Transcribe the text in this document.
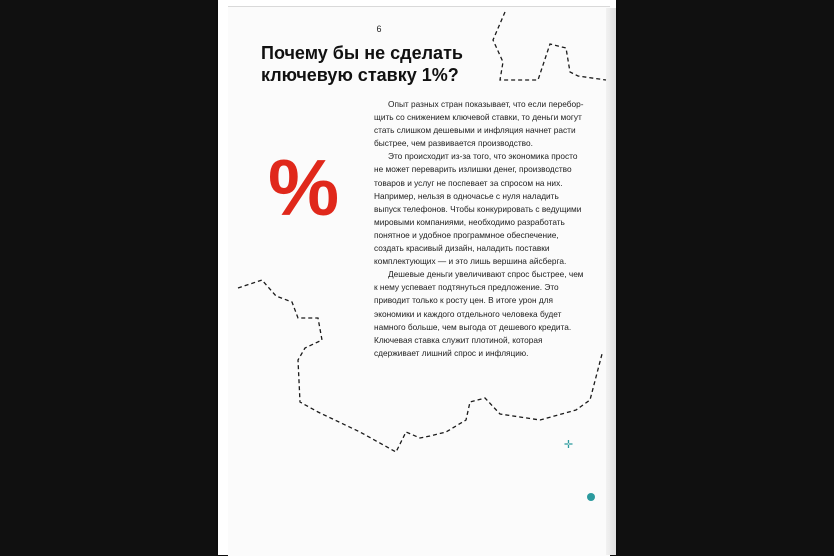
6
Почему бы не сделать ключевую ставку 1%?
%

Опыт разных стран показывает, что если переборщить со снижением ключевой ставки, то деньги могут стать слишком дешевыми и инфляция начнет расти быстрее, чем развивается производство.

Это происходит из-за того, что экономика просто не может переварить излишки денег, производство товаров и услуг не поспевает за спросом на них. Например, нельзя в одночасье с нуля наладить выпуск телефонов. Чтобы конкурировать с ведущими мировыми компаниями, необходимо разработать понятное и удобное программное обеспечение, создать красивый дизайн, наладить поставки комплектующих — и это лишь вершина айсберга.

Дешевые деньги увеличивают спрос быстрее, чем к нему успевает подтянуться предложение. Это приводит только к росту цен. В итоге урон для экономики и каждого отдельного человека будет намного больше, чем выгода от дешевого кредита. Ключевая ставка служит плотиной, которая сдерживает лишний спрос и инфляцию.

✛
